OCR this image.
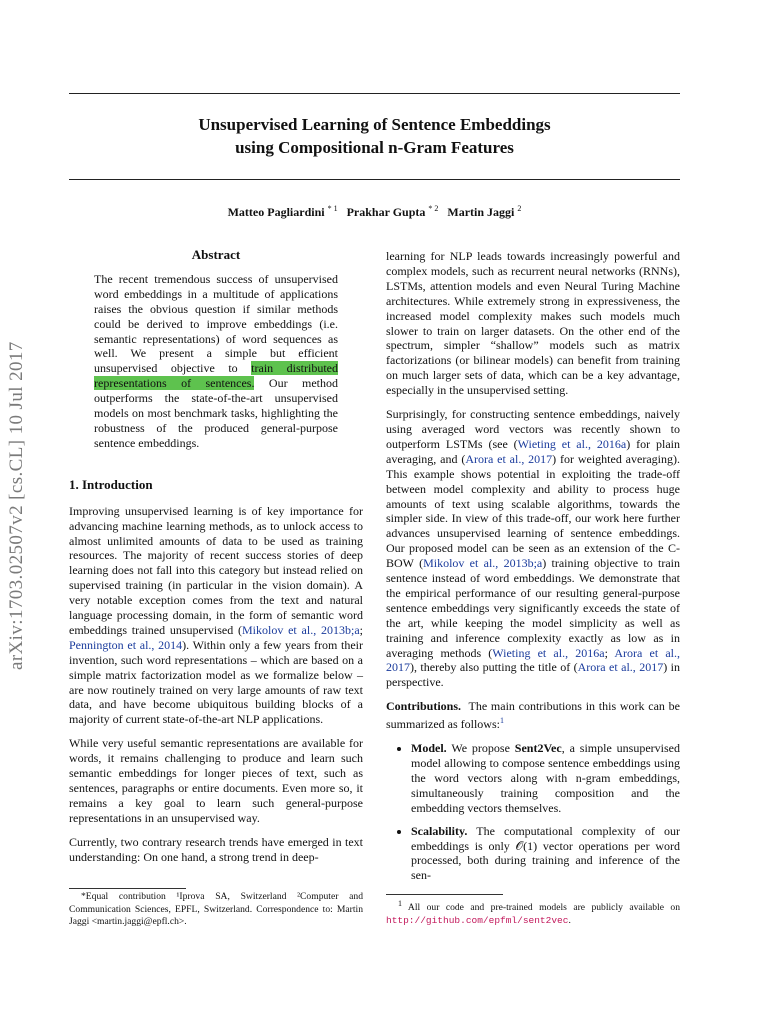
Unsupervised Learning of Sentence Embeddings
using Compositional n-Gram Features

Matteo Pagliardini $^{* 1}$ Prakhar Gupta $^{* 2}$ Martin Jaggi $^2$

arXiv:1703.02507v2 [cs.CL] 10 Jul 2017
Abstract
The recent tremendous success of unsupervised word embeddings in a multitude of applications raises the obvious question if similar methods could be derived to improve embeddings (i.e. semantic representations) of word sequences as well. We present a simple but efficient unsupervised objective to train distributed representations of sentences. Our method outperforms the state-of-the-art unsupervised models on most benchmark tasks, highlighting the robustness of the produced general-purpose sentence embeddings.
1. Introduction

Improving unsupervised learning is of key importance for advancing machine learning methods, as to unlock access to almost unlimited amounts of data to be used as training resources. The majority of recent success stories of deep learning does not fall into this category but instead relied on supervised training (in particular in the vision domain). A very notable exception comes from the text and natural language processing domain, in the form of semantic word embeddings trained unsupervised (Mikolov et al., 2013b;a; Pennington et al., 2014). Within only a few years from their invention, such word representations – which are based on a simple matrix factorization model as we formalize below – are now routinely trained on very large amounts of raw text data, and have become ubiquitous building blocks of a majority of current state-of-the-art NLP applications.

While very useful semantic representations are available for words, it remains challenging to produce and learn such semantic embeddings for longer pieces of text, such as sentences, paragraphs or entire documents. Even more so, it remains a key goal to learn such general-purpose representations in an unsupervised way.

Currently, two contrary research trends have emerged in text understanding: On one hand, a strong trend in deep-

*Equal contribution ¹Iprova SA, Switzerland ²Computer and Communication Sciences, EPFL, Switzerland. Correspondence to: Martin Jaggi <martin.jaggi@epfl.ch>.

learning for NLP leads towards increasingly powerful and complex models, such as recurrent neural networks (RNNs), LSTMs, attention models and even Neural Turing Machine architectures. While extremely strong in expressiveness, the increased model complexity makes such models much slower to train on larger datasets. On the other end of the spectrum, simpler “shallow” models such as matrix factorizations (or bilinear models) can benefit from training on much larger sets of data, which can be a key advantage, especially in the unsupervised setting.

Surprisingly, for constructing sentence embeddings, naively using averaged word vectors was recently shown to outperform LSTMs (see (Wieting et al., 2016a) for plain averaging, and (Arora et al., 2017) for weighted averaging). This example shows potential in exploiting the trade-off between model complexity and ability to process huge amounts of text using scalable algorithms, towards the simpler side. In view of this trade-off, our work here further advances unsupervised learning of sentence embeddings. Our proposed model can be seen as an extension of the C-BOW (Mikolov et al., 2013b;a) training objective to train sentence instead of word embeddings. We demonstrate that the empirical performance of our resulting general-purpose sentence embeddings very significantly exceeds the state of the art, while keeping the model simplicity as well as training and inference complexity exactly as low as in averaging methods (Wieting et al., 2016a; Arora et al., 2017), thereby also putting the title of (Arora et al., 2017) in perspective.

Contributions. The main contributions in this work can be summarized as follows:$^1$

• Model. We propose Sent2Vec, a simple unsupervised model allowing to compose sentence embeddings using the word vectors along with n-gram embeddings, simultaneously training composition and the embedding vectors themselves.
• Scalability. The computational complexity of our embeddings is only 𝒪(1) vector operations per word processed, both during training and inference of the sen-

$^1$ All our code and pre-trained models are publicly available on http://github.com/epfml/sent2vec.
